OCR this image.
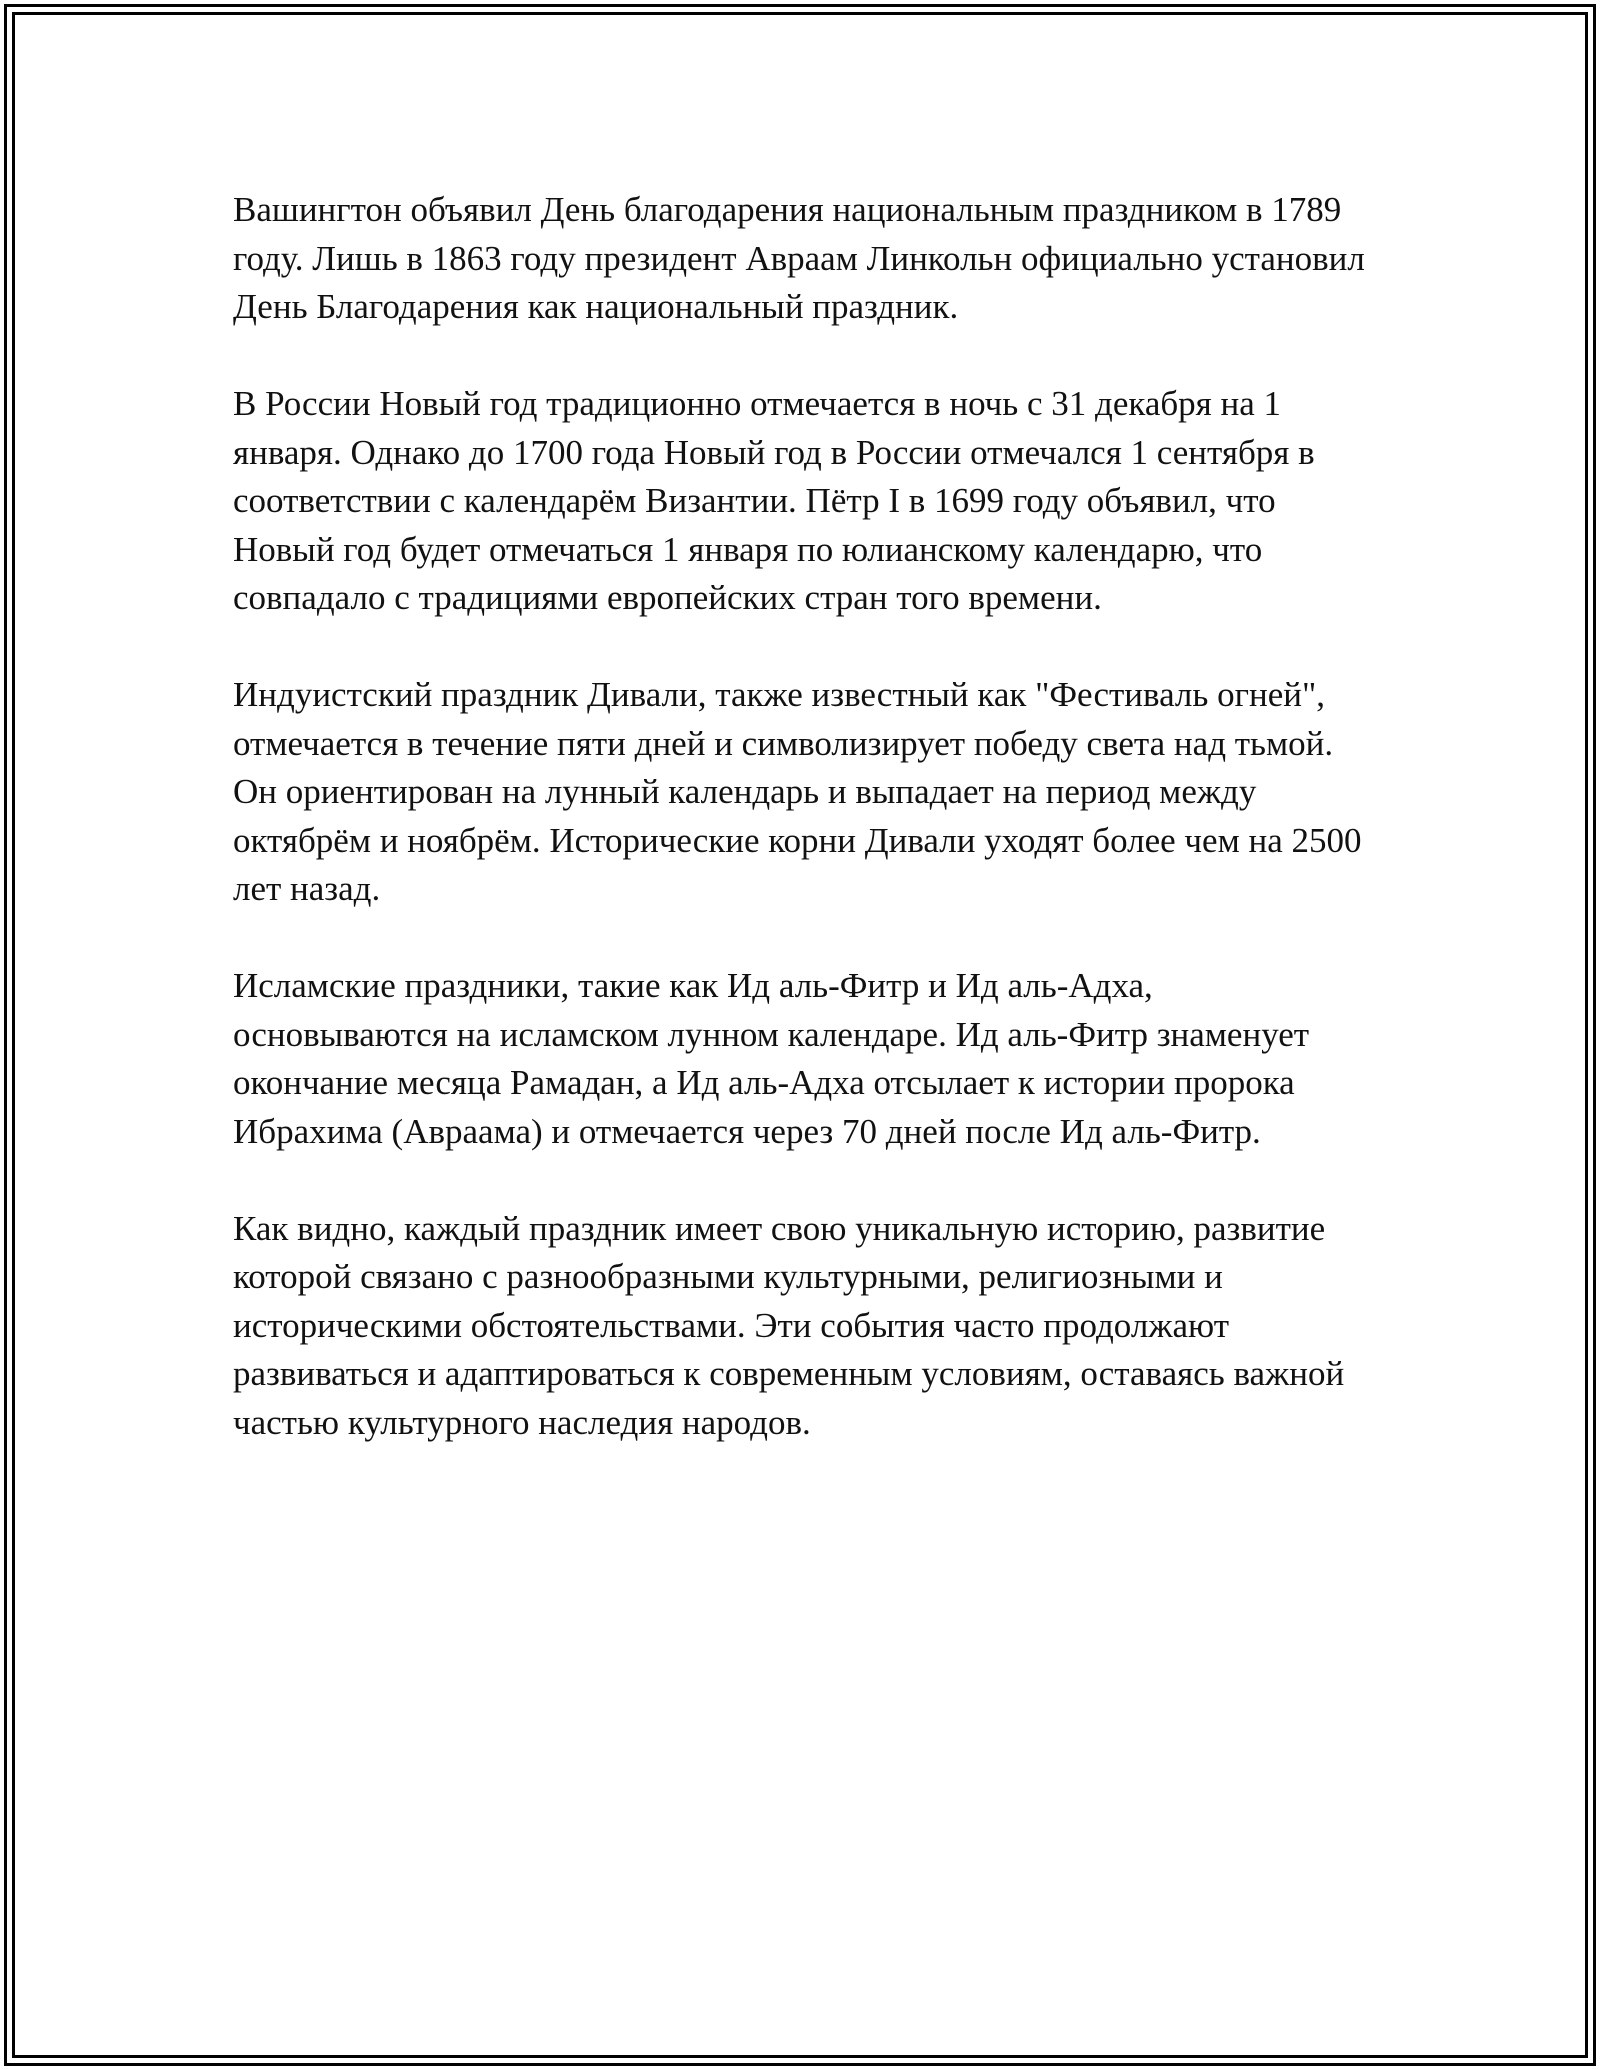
Вашингтон объявил День благодарения национальным праздником в 1789 году. Лишь в 1863 году президент Авраам Линкольн официально установил День Благодарения как национальный праздник.

В России Новый год традиционно отмечается в ночь с 31 декабря на 1 января. Однако до 1700 года Новый год в России отмечался 1 сентября в соответствии с календарём Византии. Пётр I в 1699 году объявил, что Новый год будет отмечаться 1 января по юлианскому календарю, что совпадало с традициями европейских стран того времени.

Индуистский праздник Дивали, также известный как "Фестиваль огней", отмечается в течение пяти дней и символизирует победу света над тьмой. Он ориентирован на лунный календарь и выпадает на период между октябрём и ноябрём. Исторические корни Дивали уходят более чем на 2500 лет назад.

Исламские праздники, такие как Ид аль-Фитр и Ид аль-Адха, основываются на исламском лунном календаре. Ид аль-Фитр знаменует окончание месяца Рамадан, а Ид аль-Адха отсылает к истории пророка Ибрахима (Авраама) и отмечается через 70 дней после Ид аль-Фитр.

Как видно, каждый праздник имеет свою уникальную историю, развитие которой связано с разнообразными культурными, религиозными и историческими обстоятельствами. Эти события часто продолжают развиваться и адаптироваться к современным условиям, оставаясь важной частью культурного наследия народов.
